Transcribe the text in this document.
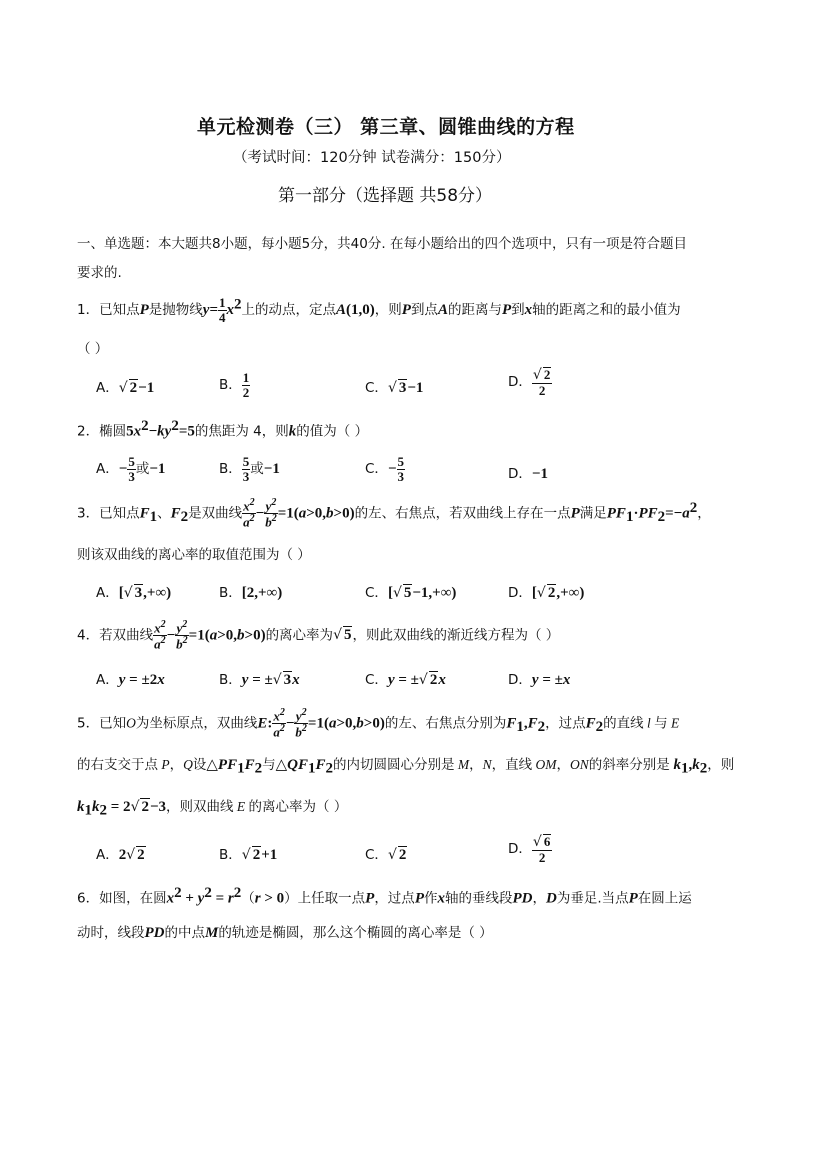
单元检测卷（三） 第三章、圆锥曲线的方程
（考试时间：120分钟 试卷满分：150分）
第一部分（选择题 共58分）
一、单选题：本大题共8小题，每小题5分，共40分. 在每小题给出的四个选项中，只有一项是符合题目
要求的.
1．已知点P是抛物线$y= \frac{1}{4} x^2$上的动点，定点A(1,0)，则P到点A的距离与P到x轴的距离之和的最小值为
（ ）
A．√ 2−1	B． $\frac{1}{2}$	C．√ 3−1	D． $\frac{√ 2}{2}$
2．椭圆$5x^2-ky^2=5$的焦距为 4，则k的值为（ ）
A．− $\frac{5}{3}$ 或−1	B． $\frac{5}{3}$ 或−1	C．− $\frac{5}{3}$	D．−1
3．已知点$F_1$、$F_2$是双曲线 $\frac{x^2}{a^2} - \frac{y^2}{b^2} =1(a>0,b>0)$的左、右焦点，若双曲线上存在一点P满足$PF_1\cdot PF_2=-a^2$，
则该双曲线的离心率的取值范围为（ ）
A．[√ 3,+∞)	B．[2,+∞)	C．[√ 5−1,+∞)	D．[√ 2,+∞)
4．若双曲线 $\frac{x^2}{a^2} - \frac{y^2}{b^2} =1(a>0,b>0)$的离心率为√ 5，则此双曲线的渐近线方程为（ ）
A．y = ±2x	B．y = ±√ 3x	C．y = ±√ 2x	D．y = ±x
5．已知O为坐标原点，双曲线E: $\frac{x^2}{a^2} - \frac{y^2}{b^2} =1(a>0,b>0)$的左、右焦点分别为$F_1,F_2$，过点$F_2$的直线 l 与 E
的右支交于点 P，Q设$\triangle PF_1F_2$与$\triangle QF_1F_2$的内切圆圆心分别是 M，N，直线 OM，ON的斜率分别是 $k_1,k_2$，则
$k_1k_2 = 2√$ 2−3，则双曲线 E 的离心率为（ ）
A．2√ 2	B．√ 2+1	C．√ 2	D． $\frac{√ 6}{2}$
6．如图，在圆$x^2 + y^2 = r^2(r > 0)$上任取一点P，过点P作x轴的垂线段PD，D为垂足.当点P在圆上运
动时，线段PD的中点M的轨迹是椭圆，那么这个椭圆的离心率是（ ）
